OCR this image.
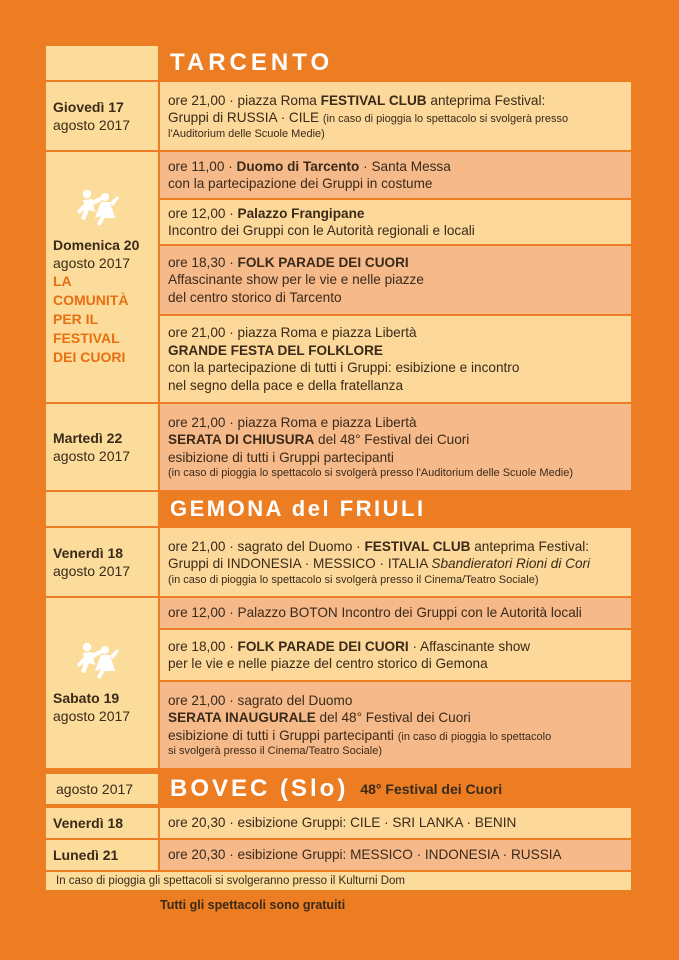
TARCENTO
Giovedì 17
agosto 2017
ore 21,00 · piazza Roma FESTIVAL CLUB anteprima Festival:
Gruppi di RUSSIA · CILE (in caso di pioggia lo spettacolo si svolgerà presso
l'Auditorium delle Scuole Medie)
Domenica 20
agosto 2017
LA
COMUNITÀ
PER IL
FESTIVAL
DEI CUORI
ore 11,00 · Duomo di Tarcento · Santa Messa
con la partecipazione dei Gruppi in costume
ore 12,00 · Palazzo Frangipane
Incontro dei Gruppi con le Autorità regionali e locali
ore 18,30 · FOLK PARADE DEI CUORI
Affascinante show per le vie e nelle piazze
del centro storico di Tarcento
ore 21,00 · piazza Roma e piazza Libertà
GRANDE FESTA DEL FOLKLORE
con la partecipazione di tutti i Gruppi: esibizione e incontro
nel segno della pace e della fratellanza
Martedì 22
agosto 2017
ore 21,00 · piazza Roma e piazza Libertà
SERATA DI CHIUSURA del 48° Festival dei Cuori
esibizione di tutti i Gruppi partecipanti
(in caso di pioggia lo spettacolo si svolgerà presso l'Auditorium delle Scuole Medie)
GEMONA del FRIULI
Venerdì 18
agosto 2017
ore 21,00 · sagrato del Duomo · FESTIVAL CLUB anteprima Festival:
Gruppi di INDONESIA · MESSICO · ITALIA Sbandieratori Rioni di Cori
(in caso di pioggia lo spettacolo si svolgerà presso il Cinema/Teatro Sociale)
Sabato 19
agosto 2017
ore 12,00 · Palazzo BOTON Incontro dei Gruppi con le Autorità locali
ore 18,00 · FOLK PARADE DEI CUORI · Affascinante show
per le vie e nelle piazze del centro storico di Gemona
ore 21,00 · sagrato del Duomo
SERATA INAUGURALE del 48° Festival dei Cuori
esibizione di tutti i Gruppi partecipanti (in caso di pioggia lo spettacolo
si svolgerà presso il Cinema/Teatro Sociale)
agosto 2017 BOVEC (Slo) 48° Festival dei Cuori
Venerdì 18	ore 20,30 · esibizione Gruppi: CILE · SRI LANKA · BENIN
Lunedì 21	ore 20,30 · esibizione Gruppi: MESSICO · INDONESIA · RUSSIA
In caso di pioggia gli spettacoli si svolgeranno presso il Kulturni Dom
Tutti gli spettacoli sono gratuiti
